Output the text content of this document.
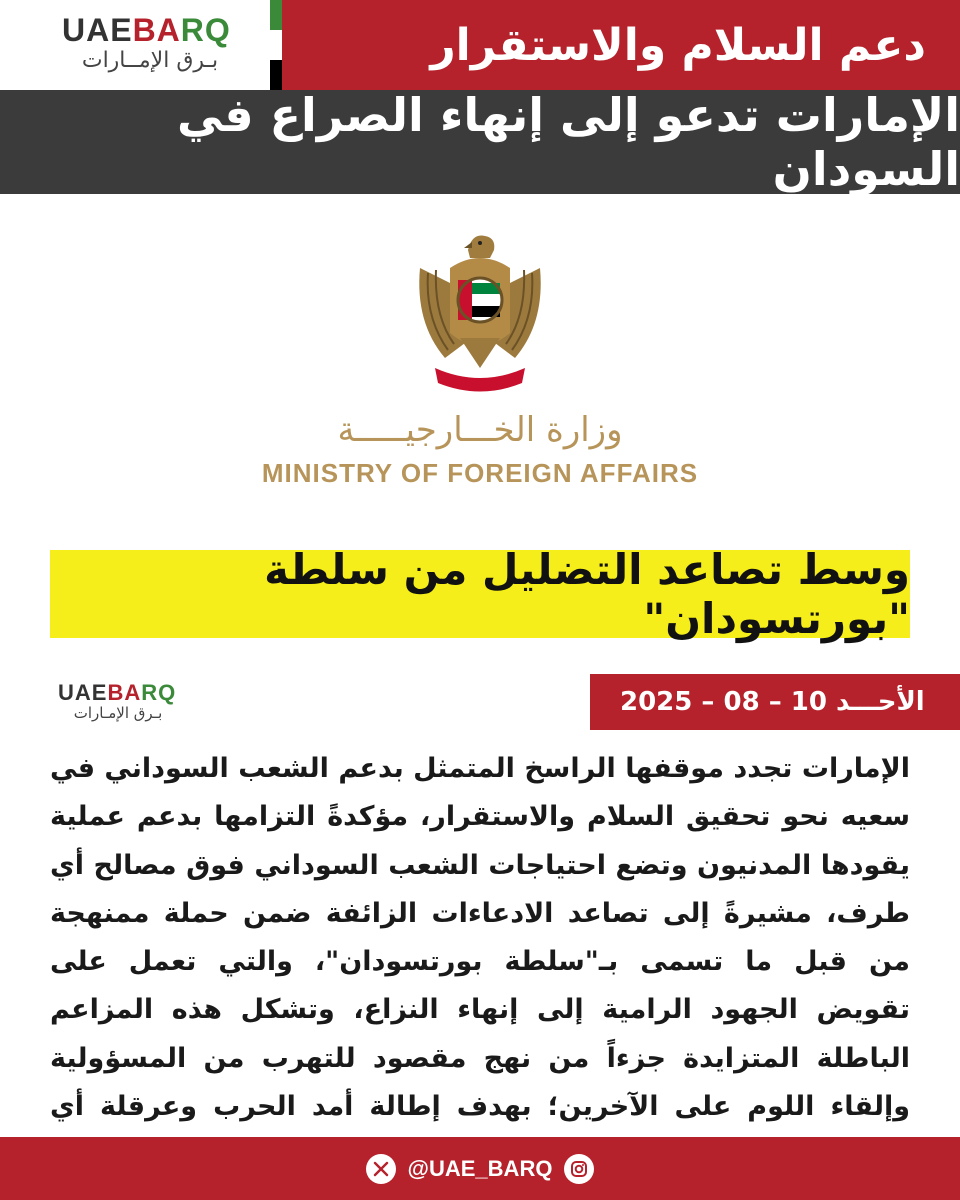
UAEBARQ
بـرق الإمــارات	دعم السلام والاستقرار
الإمارات تدعو إلى إنهاء الصراع في السودان
وزارة الخـــارجيـــــة
MINISTRY OF FOREIGN AFFAIRS
وسط تصاعد التضليل من سلطة "بورتسودان"
UAEBARQ
بـرق الإمـارات	الأحـــد 10 – 08 – 2025
الإمارات تجدد موقفها الراسخ المتمثل بدعم الشعب السوداني في سعيه نحو تحقيق السلام والاستقرار، مؤكدةً التزامها بدعم عملية يقودها المدنيون وتضع احتياجات الشعب السوداني فوق مصالح أي طرف، مشيرةً إلى تصاعد الادعاءات الزائفة ضمن حملة ممنهجة من قبل ما تسمى بـ"سلطة بورتسودان"، والتي تعمل على تقويض الجهود الرامية إلى إنهاء النزاع، وتشكل هذه المزاعم الباطلة المتزايدة جزءاً من نهج مقصود للتهرب من المسؤولية وإلقاء اللوم على الآخرين؛ بهدف إطالة أمد الحرب وعرقلة أي
@UAE_BARQ
